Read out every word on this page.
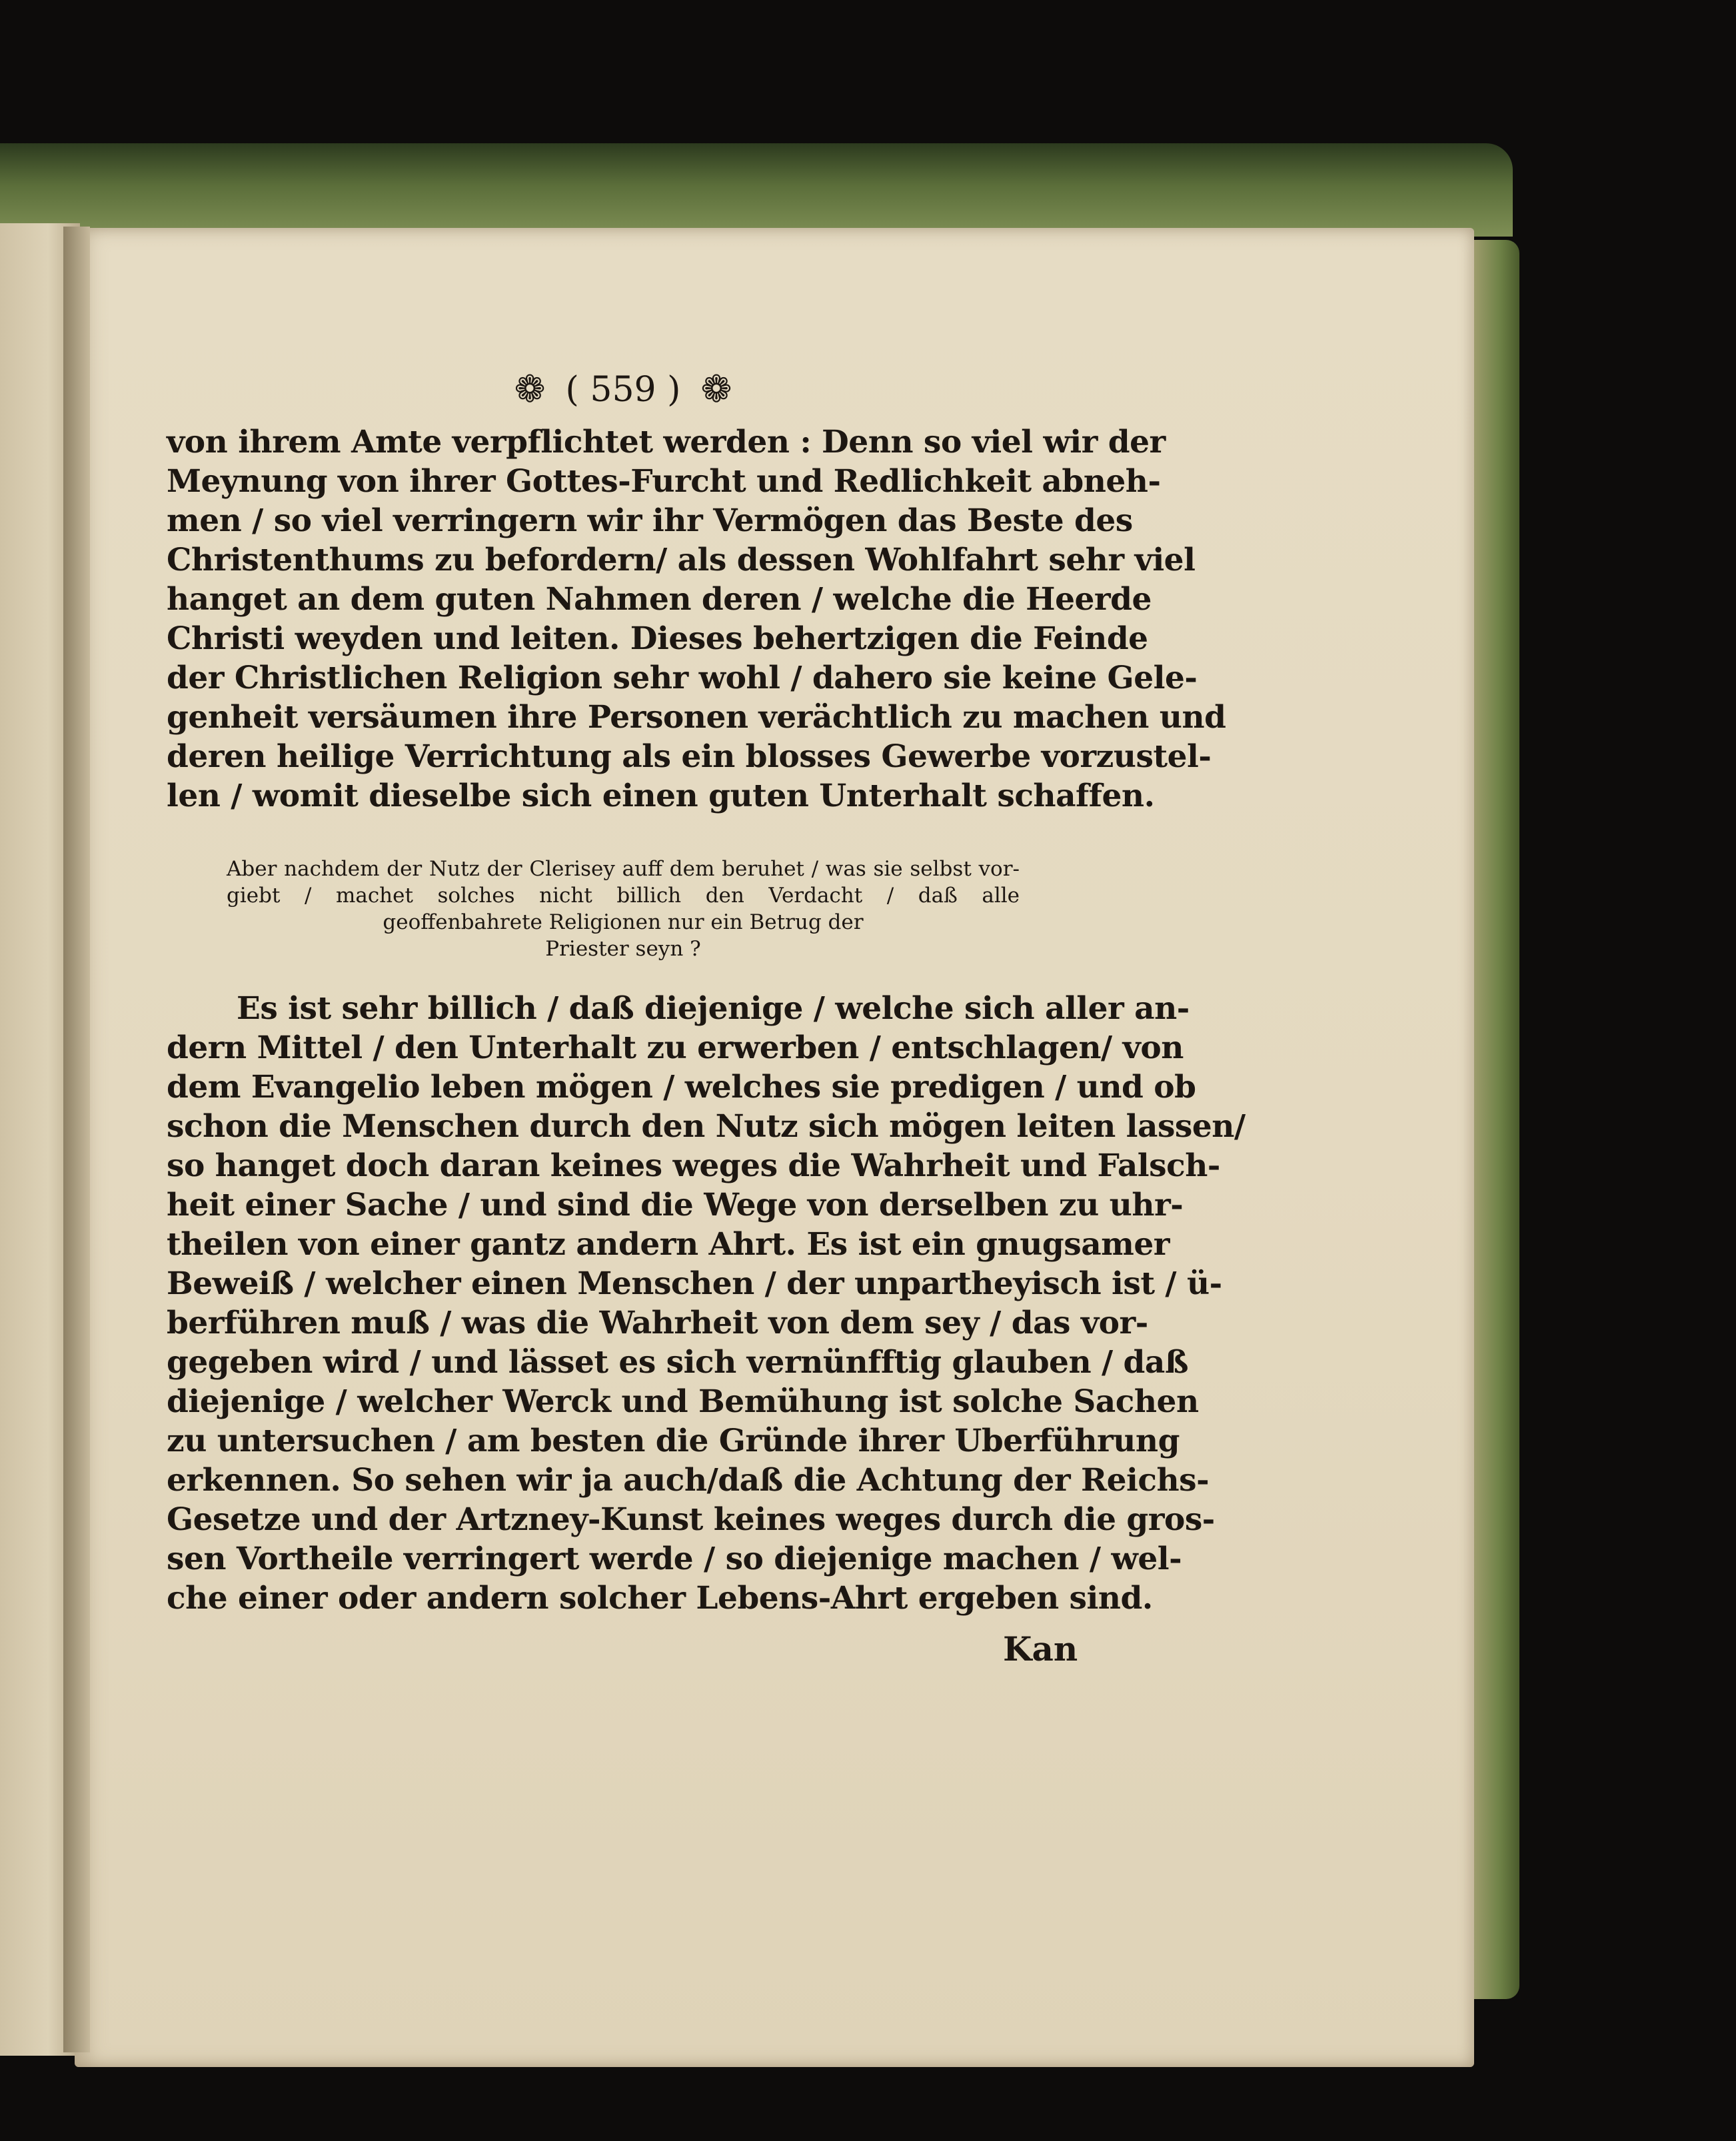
❁ ( 559 ) ❁
von ihrem Amte verpflichtet werden : Denn so viel wir der
Meynung von ihrer Gottes-Furcht und Redlichkeit abneh-
men / so viel verringern wir ihr Vermögen das Beste des
Christenthums zu befordern/ als dessen Wohlfahrt sehr viel
hanget an dem guten Nahmen deren / welche die Heerde
Christi weyden und leiten. Dieses behertzigen die Feinde
der Christlichen Religion sehr wohl / dahero sie keine Gele-
genheit versäumen ihre Personen verächtlich zu machen und
deren heilige Verrichtung als ein blosses Gewerbe vorzustel-
len / womit dieselbe sich einen guten Unterhalt schaffen.
Aber nachdem der Nutz der Clerisey auff dem beruhet / was sie selbst vor-
giebt / machet solches nicht billich den Verdacht / daß alle
geoffenbahrete Religionen nur ein Betrug der
Priester seyn ?
Es ist sehr billich / daß diejenige / welche sich aller an-
dern Mittel / den Unterhalt zu erwerben / entschlagen/ von
dem Evangelio leben mögen / welches sie predigen / und ob
schon die Menschen durch den Nutz sich mögen leiten lassen/
so hanget doch daran keines weges die Wahrheit und Falsch-
heit einer Sache / und sind die Wege von derselben zu uhr-
theilen von einer gantz andern Ahrt. Es ist ein gnugsamer
Beweiß / welcher einen Menschen / der unpartheyisch ist / ü-
berführen muß / was die Wahrheit von dem sey / das vor-
gegeben wird / und lässet es sich vernünfftig glauben / daß
diejenige / welcher Werck und Bemühung ist solche Sachen
zu untersuchen / am besten die Gründe ihrer Uberführung
erkennen. So sehen wir ja auch/daß die Achtung der Reichs-
Gesetze und der Artzney-Kunst keines weges durch die gros-
sen Vortheile verringert werde / so diejenige machen / wel-
che einer oder andern solcher Lebens-Ahrt ergeben sind.
Kan
